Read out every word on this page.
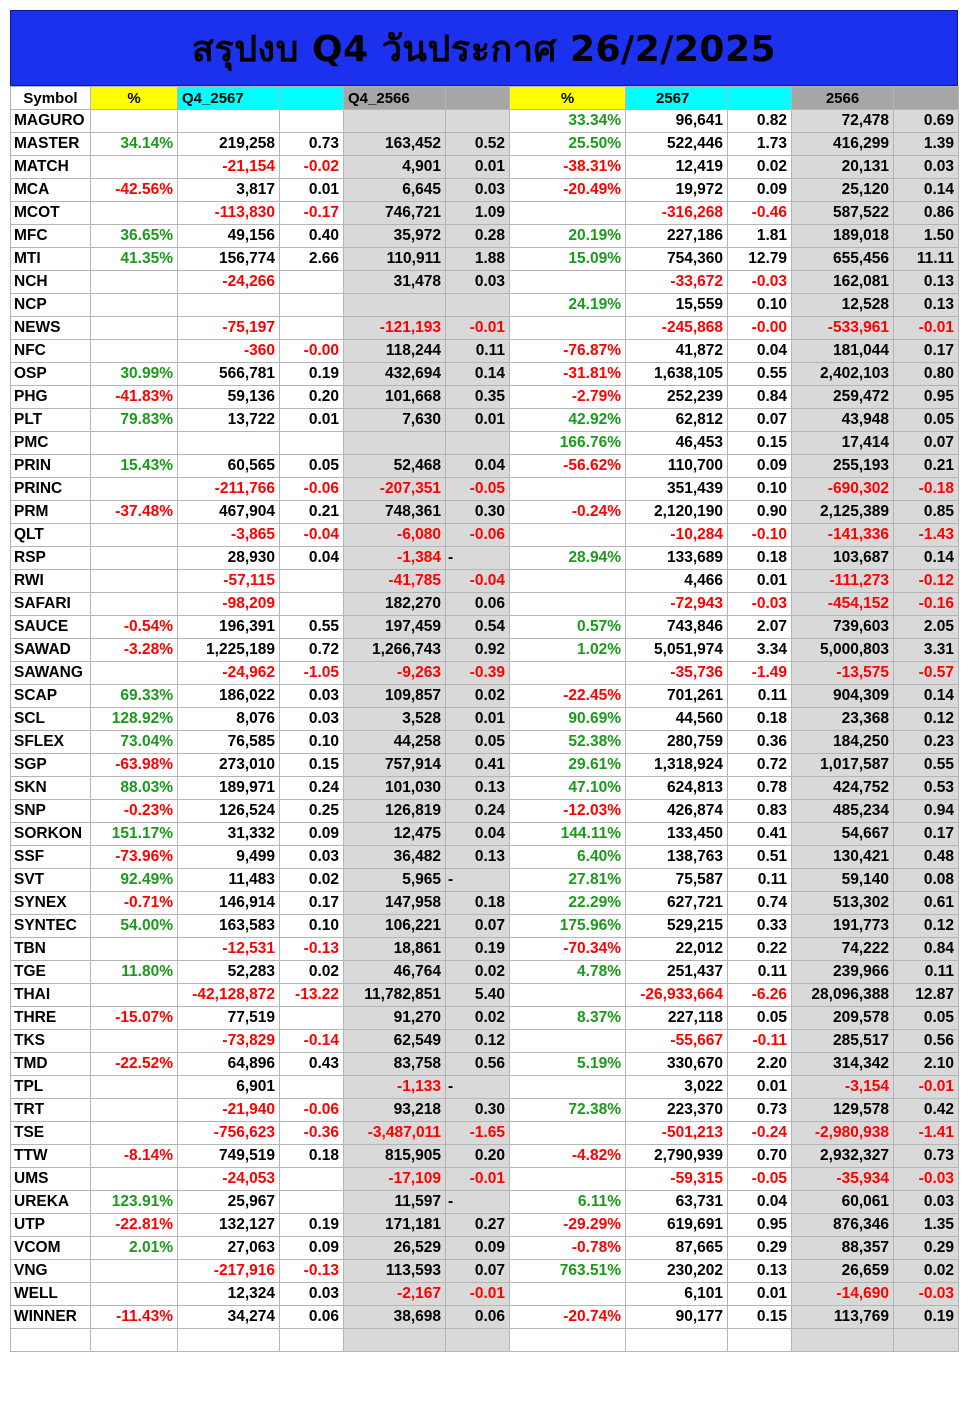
สรุปงบ Q4 วันประกาศ 26/2/2025
Symbol	%	Q4_2567		Q4_2566		%	2567		2566	
MAGURO						33.34%	96,641	0.82	72,478	0.69
MASTER	34.14%	219,258	0.73	163,452	0.52	25.50%	522,446	1.73	416,299	1.39
MATCH		-21,154	-0.02	4,901	0.01	-38.31%	12,419	0.02	20,131	0.03
MCA	-42.56%	3,817	0.01	6,645	0.03	-20.49%	19,972	0.09	25,120	0.14
MCOT		-113,830	-0.17	746,721	1.09		-316,268	-0.46	587,522	0.86
MFC	36.65%	49,156	0.40	35,972	0.28	20.19%	227,186	1.81	189,018	1.50
MTI	41.35%	156,774	2.66	110,911	1.88	15.09%	754,360	12.79	655,456	11.11
NCH		-24,266		31,478	0.03		-33,672	-0.03	162,081	0.13
NCP						24.19%	15,559	0.10	12,528	0.13
NEWS		-75,197		-121,193	-0.01		-245,868	-0.00	-533,961	-0.01
NFC		-360	-0.00	118,244	0.11	-76.87%	41,872	0.04	181,044	0.17
OSP	30.99%	566,781	0.19	432,694	0.14	-31.81%	1,638,105	0.55	2,402,103	0.80
PHG	-41.83%	59,136	0.20	101,668	0.35	-2.79%	252,239	0.84	259,472	0.95
PLT	79.83%	13,722	0.01	7,630	0.01	42.92%	62,812	0.07	43,948	0.05
PMC						166.76%	46,453	0.15	17,414	0.07
PRIN	15.43%	60,565	0.05	52,468	0.04	-56.62%	110,700	0.09	255,193	0.21
PRINC		-211,766	-0.06	-207,351	-0.05		351,439	0.10	-690,302	-0.18
PRM	-37.48%	467,904	0.21	748,361	0.30	-0.24%	2,120,190	0.90	2,125,389	0.85
QLT		-3,865	-0.04	-6,080	-0.06		-10,284	-0.10	-141,336	-1.43
RSP		28,930	0.04	-1,384	-	28.94%	133,689	0.18	103,687	0.14
RWI		-57,115		-41,785	-0.04		4,466	0.01	-111,273	-0.12
SAFARI		-98,209		182,270	0.06		-72,943	-0.03	-454,152	-0.16
SAUCE	-0.54%	196,391	0.55	197,459	0.54	0.57%	743,846	2.07	739,603	2.05
SAWAD	-3.28%	1,225,189	0.72	1,266,743	0.92	1.02%	5,051,974	3.34	5,000,803	3.31
SAWANG		-24,962	-1.05	-9,263	-0.39		-35,736	-1.49	-13,575	-0.57
SCAP	69.33%	186,022	0.03	109,857	0.02	-22.45%	701,261	0.11	904,309	0.14
SCL	128.92%	8,076	0.03	3,528	0.01	90.69%	44,560	0.18	23,368	0.12
SFLEX	73.04%	76,585	0.10	44,258	0.05	52.38%	280,759	0.36	184,250	0.23
SGP	-63.98%	273,010	0.15	757,914	0.41	29.61%	1,318,924	0.72	1,017,587	0.55
SKN	88.03%	189,971	0.24	101,030	0.13	47.10%	624,813	0.78	424,752	0.53
SNP	-0.23%	126,524	0.25	126,819	0.24	-12.03%	426,874	0.83	485,234	0.94
SORKON	151.17%	31,332	0.09	12,475	0.04	144.11%	133,450	0.41	54,667	0.17
SSF	-73.96%	9,499	0.03	36,482	0.13	6.40%	138,763	0.51	130,421	0.48
SVT	92.49%	11,483	0.02	5,965	-	27.81%	75,587	0.11	59,140	0.08
SYNEX	-0.71%	146,914	0.17	147,958	0.18	22.29%	627,721	0.74	513,302	0.61
SYNTEC	54.00%	163,583	0.10	106,221	0.07	175.96%	529,215	0.33	191,773	0.12
TBN		-12,531	-0.13	18,861	0.19	-70.34%	22,012	0.22	74,222	0.84
TGE	11.80%	52,283	0.02	46,764	0.02	4.78%	251,437	0.11	239,966	0.11
THAI		-42,128,872	-13.22	11,782,851	5.40		-26,933,664	-6.26	28,096,388	12.87
THRE	-15.07%	77,519		91,270	0.02	8.37%	227,118	0.05	209,578	0.05
TKS		-73,829	-0.14	62,549	0.12		-55,667	-0.11	285,517	0.56
TMD	-22.52%	64,896	0.43	83,758	0.56	5.19%	330,670	2.20	314,342	2.10
TPL		6,901		-1,133	-		3,022	0.01	-3,154	-0.01
TRT		-21,940	-0.06	93,218	0.30	72.38%	223,370	0.73	129,578	0.42
TSE		-756,623	-0.36	-3,487,011	-1.65		-501,213	-0.24	-2,980,938	-1.41
TTW	-8.14%	749,519	0.18	815,905	0.20	-4.82%	2,790,939	0.70	2,932,327	0.73
UMS		-24,053		-17,109	-0.01		-59,315	-0.05	-35,934	-0.03
UREKA	123.91%	25,967		11,597	-	6.11%	63,731	0.04	60,061	0.03
UTP	-22.81%	132,127	0.19	171,181	0.27	-29.29%	619,691	0.95	876,346	1.35
VCOM	2.01%	27,063	0.09	26,529	0.09	-0.78%	87,665	0.29	88,357	0.29
VNG		-217,916	-0.13	113,593	0.07	763.51%	230,202	0.13	26,659	0.02
WELL		12,324	0.03	-2,167	-0.01		6,101	0.01	-14,690	-0.03
WINNER	-11.43%	34,274	0.06	38,698	0.06	-20.74%	90,177	0.15	113,769	0.19
